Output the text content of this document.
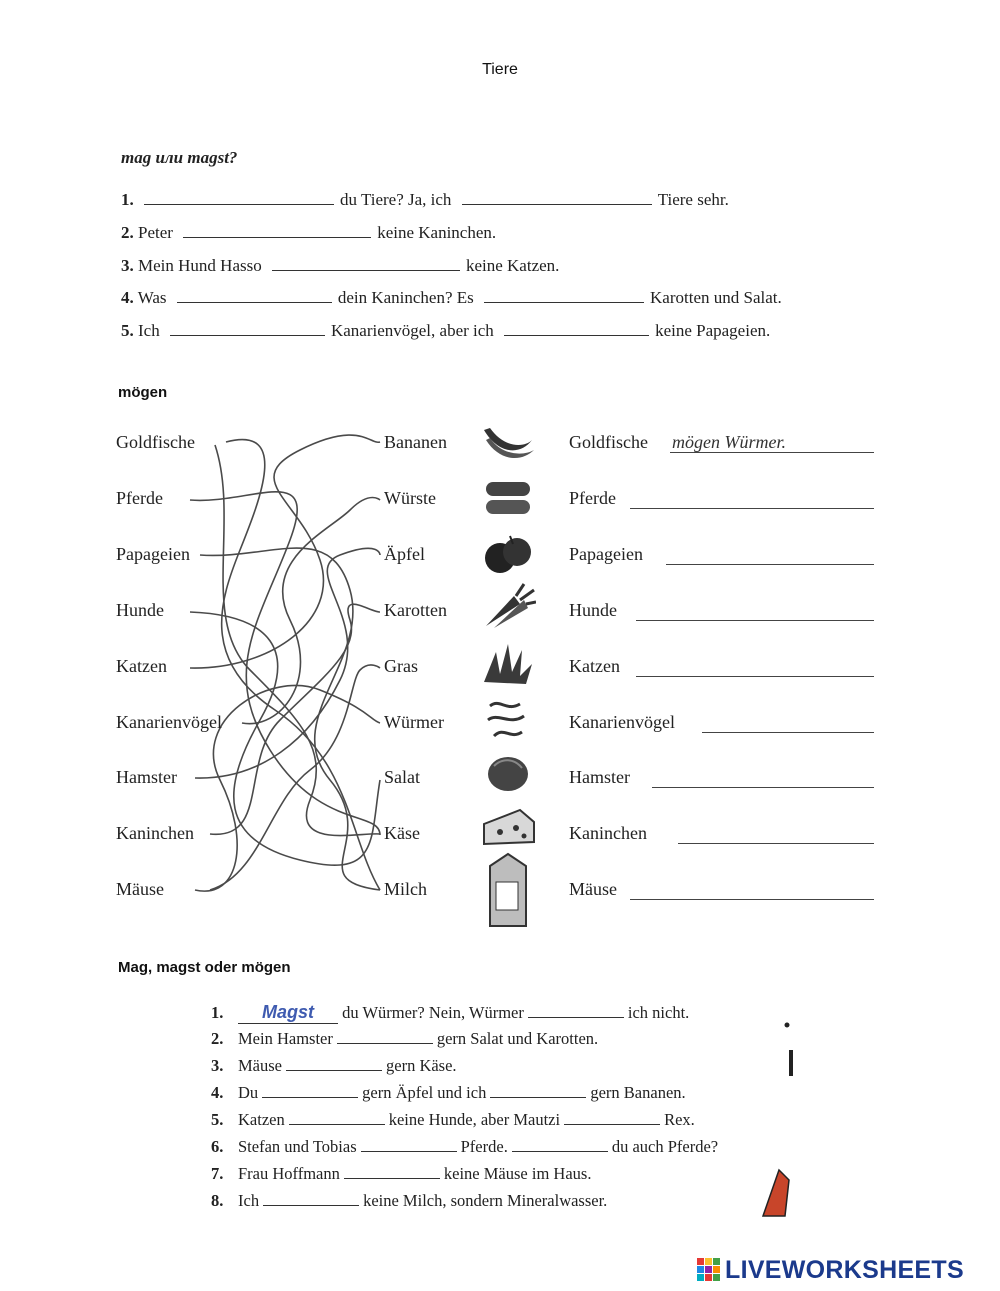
Tiere
mag или magst?

1.	du Tiere? Ja, ich	Tiere sehr.
2. Peter	keine Kaninchen.
3. Mein Hund Hasso	keine Katzen.
4. Was	dein Kaninchen? Es	Karotten und Salat.
5. Ich	Kanarienvögel, aber ich	keine Papageien.
mögen
Goldfische
Pferde
Papageien
Hunde
Katzen
Kanarienvögel
Hamster
Kaninchen
Mäuse
Bananen
Würste
Äpfel
Karotten
Gras
Würmer
Salat
Käse
Milch
Goldfische mögen Würmer.
Pferde
Papageien
Hunde
Katzen
Kanarienvögel
Hamster
Kaninchen
Mäuse
Mag, magst oder mögen
1. Magst du Würmer? Nein, Würmer	ich nicht.
2. Mein Hamster	gern Salat und Karotten.
3. Mäuse	gern Käse.
4. Du	gern Äpfel und ich	gern Bananen.
5. Katzen	keine Hunde, aber Mautzi	Rex.
6. Stefan und Tobias	Pferde.	du auch Pferde?
7. Frau Hoffmann	keine Mäuse im Haus.
8. Ich	keine Milch, sondern Mineralwasser.
LIVEWORKSHEETS
